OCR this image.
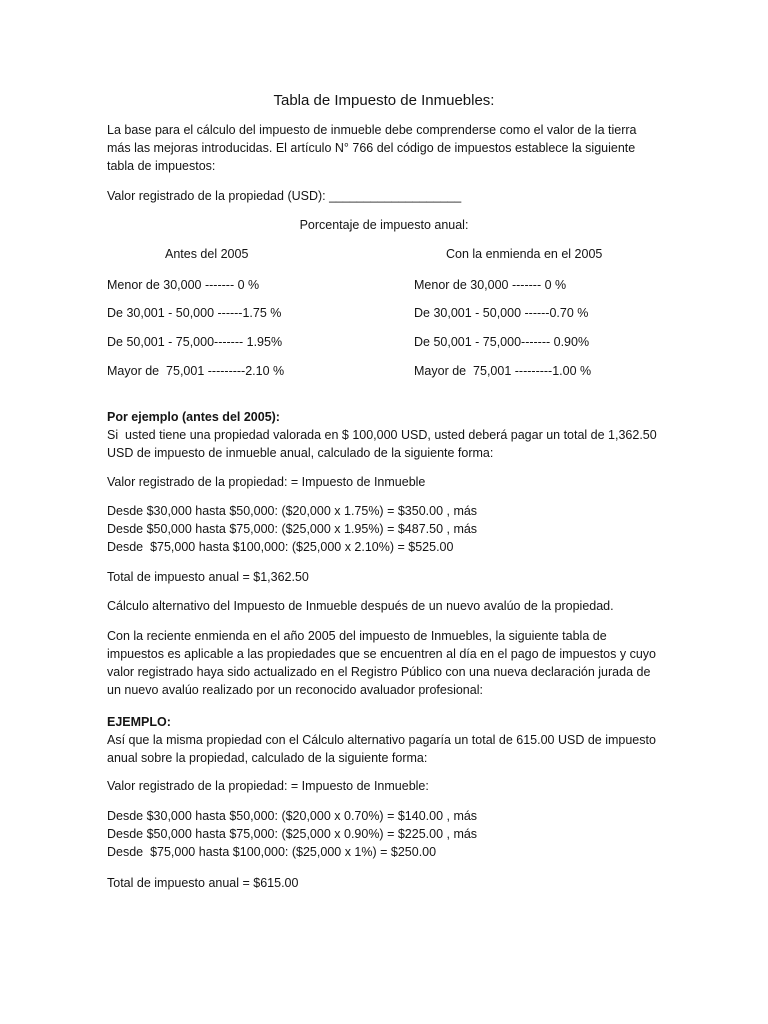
Tabla de Impuesto de Inmuebles:
La base para el cálculo del impuesto de inmueble debe comprenderse como el valor de la tierra
más las mejoras introducidas. El artículo N° 766 del código de impuestos establece la siguiente
tabla de impuestos:
Valor registrado de la propiedad (USD): ___________________
Porcentaje de impuesto anual:
Antes del 2005	Con la enmienda en el 2005
Menor de 30,000 ------- 0 %	Menor de 30,000 ------- 0 %
De 30,001 - 50,000 ------1.75 %	De 30,001 - 50,000 ------0.70 %
De 50,001 - 75,000------- 1.95%	De 50,001 - 75,000------- 0.90%
Mayor de  75,001 ---------2.10 %	Mayor de  75,001 ---------1.00 %
Por ejemplo (antes del 2005):
Si  usted tiene una propiedad valorada en $ 100,000 USD, usted deberá pagar un total de 1,362.50
USD de impuesto de inmueble anual, calculado de la siguiente forma:
Valor registrado de la propiedad: = Impuesto de Inmueble
Desde $30,000 hasta $50,000: ($20,000 x 1.75%) = $350.00 , más
Desde $50,000 hasta $75,000: ($25,000 x 1.95%) = $487.50 , más
Desde  $75,000 hasta $100,000: ($25,000 x 2.10%) = $525.00
Total de impuesto anual = $1,362.50
Cálculo alternativo del Impuesto de Inmueble después de un nuevo avalúo de la propiedad.
Con la reciente enmienda en el año 2005 del impuesto de Inmuebles, la siguiente tabla de
impuestos es aplicable a las propiedades que se encuentren al día en el pago de impuestos y cuyo
valor registrado haya sido actualizado en el Registro Público con una nueva declaración jurada de
un nuevo avalúo realizado por un reconocido avaluador profesional:
EJEMPLO:
Así que la misma propiedad con el Cálculo alternativo pagaría un total de 615.00 USD de impuesto
anual sobre la propiedad, calculado de la siguiente forma:
Valor registrado de la propiedad: = Impuesto de Inmueble:
Desde $30,000 hasta $50,000: ($20,000 x 0.70%) = $140.00 , más
Desde $50,000 hasta $75,000: ($25,000 x 0.90%) = $225.00 , más
Desde  $75,000 hasta $100,000: ($25,000 x 1%) = $250.00
Total de impuesto anual = $615.00
